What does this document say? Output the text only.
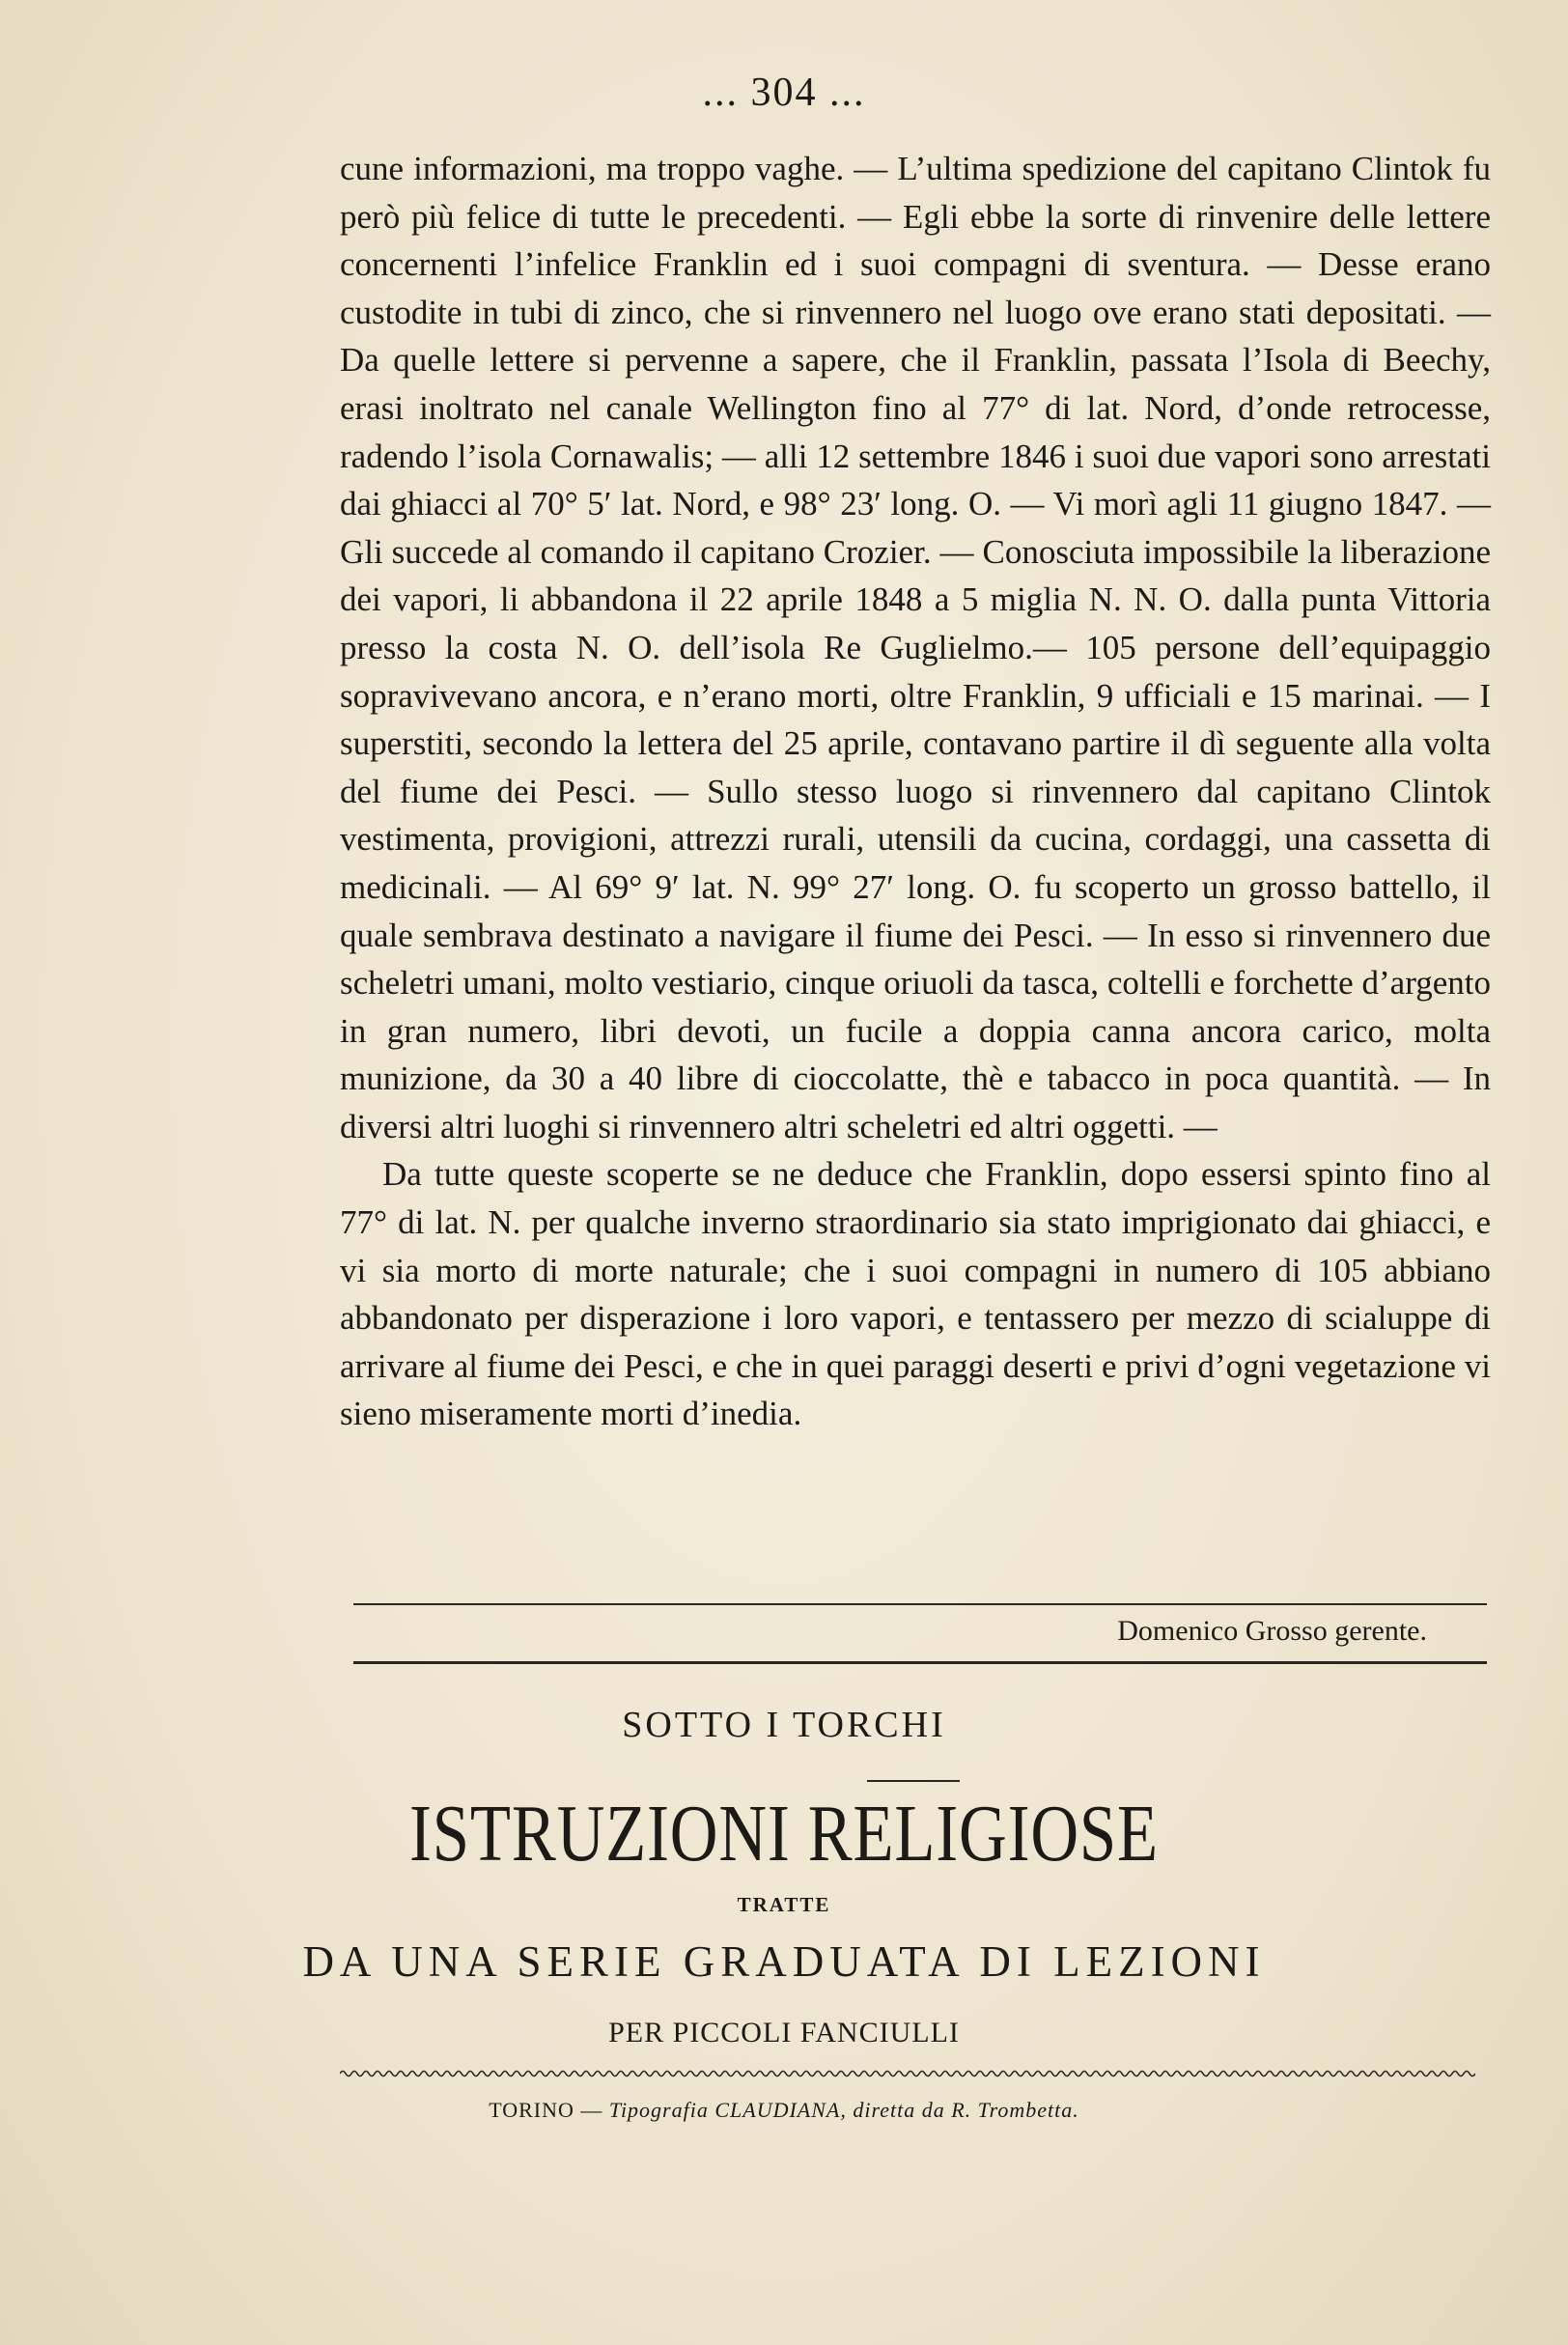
... 304 ...

cune informazioni, ma troppo vaghe. — L’ultima spedizione del capitano Clintok fu però più felice di tutte le precedenti. — Egli ebbe la sorte di rinvenire delle lettere concernenti l’infelice Franklin ed i suoi compagni di sventura. — Desse erano custodite in tubi di zinco, che si rinvennero nel luogo ove erano stati depositati. — Da quelle lettere si pervenne a sapere, che il Franklin, passata l’Isola di Beechy, erasi inoltrato nel canale Wellington fino al 77° di lat. Nord, d’onde retrocesse, radendo l’isola Cornawalis; — alli 12 settembre 1846 i suoi due vapori sono arrestati dai ghiacci al 70° 5′ lat. Nord, e 98° 23′ long. O. — Vi morì agli 11 giugno 1847. — Gli succede al comando il capitano Crozier. — Conosciuta impossibile la liberazione dei vapori, li abbandona il 22 aprile 1848 a 5 miglia N. N. O. dalla punta Vittoria presso la costa N. O. dell’isola Re Guglielmo.— 105 persone dell’equipaggio sopravivevano ancora, e n’erano morti, oltre Franklin, 9 ufficiali e 15 marinai. — I superstiti, secondo la lettera del 25 aprile, contavano partire il dì seguente alla volta del fiume dei Pesci. — Sullo stesso luogo si rinvennero dal capitano Clintok vestimenta, provigioni, attrezzi rurali, utensili da cucina, cordaggi, una cassetta di medicinali. — Al 69° 9′ lat. N. 99° 27′ long. O. fu scoperto un grosso battello, il quale sembrava destinato a navigare il fiume dei Pesci. — In esso si rinvennero due scheletri umani, molto vestiario, cinque oriuoli da tasca, coltelli e forchette d’argento in gran numero, libri devoti, un fucile a doppia canna ancora carico, molta munizione, da 30 a 40 libre di cioccolatte, thè e tabacco in poca quantità. — In diversi altri luoghi si rinvennero altri scheletri ed altri oggetti. —

Da tutte queste scoperte se ne deduce che Franklin, dopo essersi spinto fino al 77° di lat. N. per qualche inverno straordinario sia stato imprigionato dai ghiacci, e vi sia morto di morte naturale; che i suoi compagni in numero di 105 abbiano abbandonato per disperazione i loro vapori, e tentassero per mezzo di scialuppe di arrivare al fiume dei Pesci, e che in quei paraggi deserti e privi d’ogni vegetazione vi sieno miseramente morti d’inedia.

Domenico Grosso gerente.
SOTTO I TORCHI
ISTRUZIONI RELIGIOSE
TRATTE
DA UNA SERIE GRADUATA DI LEZIONI
PER PICCOLI FANCIULLI
TORINO — Tipografia CLAUDIANA, diretta da R. Trombetta.
